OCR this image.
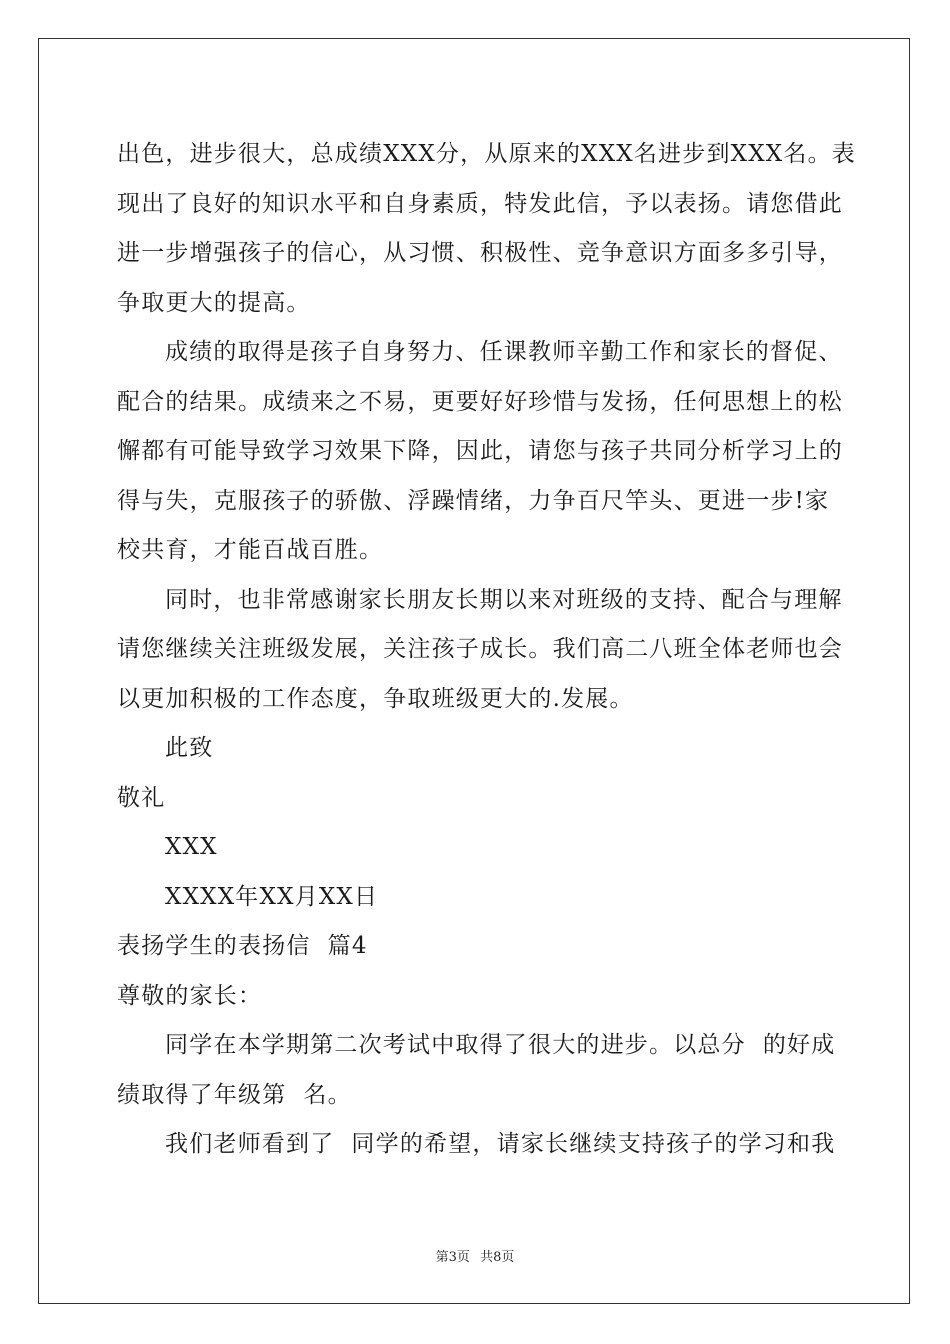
出色，进步很大，总成绩XXX分，从原来的XXX名进步到XXX名。表
现出了良好的知识水平和自身素质，特发此信，予以表扬。请您借此
进一步增强孩子的信心，从习惯、积极性、竞争意识方面多多引导，
争取更大的提高。
成绩的取得是孩子自身努力、任课教师辛勤工作和家长的督促、
配合的结果。成绩来之不易，更要好好珍惜与发扬，任何思想上的松
懈都有可能导致学习效果下降，因此，请您与孩子共同分析学习上的
得与失，克服孩子的骄傲、浮躁情绪，力争百尺竿头、更进一步!家
校共育，才能百战百胜。
同时，也非常感谢家长朋友长期以来对班级的支持、配合与理解
请您继续关注班级发展，关注孩子成长。我们高二八班全体老师也会
以更加积极的工作态度，争取班级更大的.发展。
此致
敬礼
XXX
XXXX年XX月XX日
表扬学生的表扬信  篇4
尊敬的家长：
同学在本学期第二次考试中取得了很大的进步。以总分  的好成
绩取得了年级第  名。
我们老师看到了  同学的希望，请家长继续支持孩子的学习和我
第3页 共8页
